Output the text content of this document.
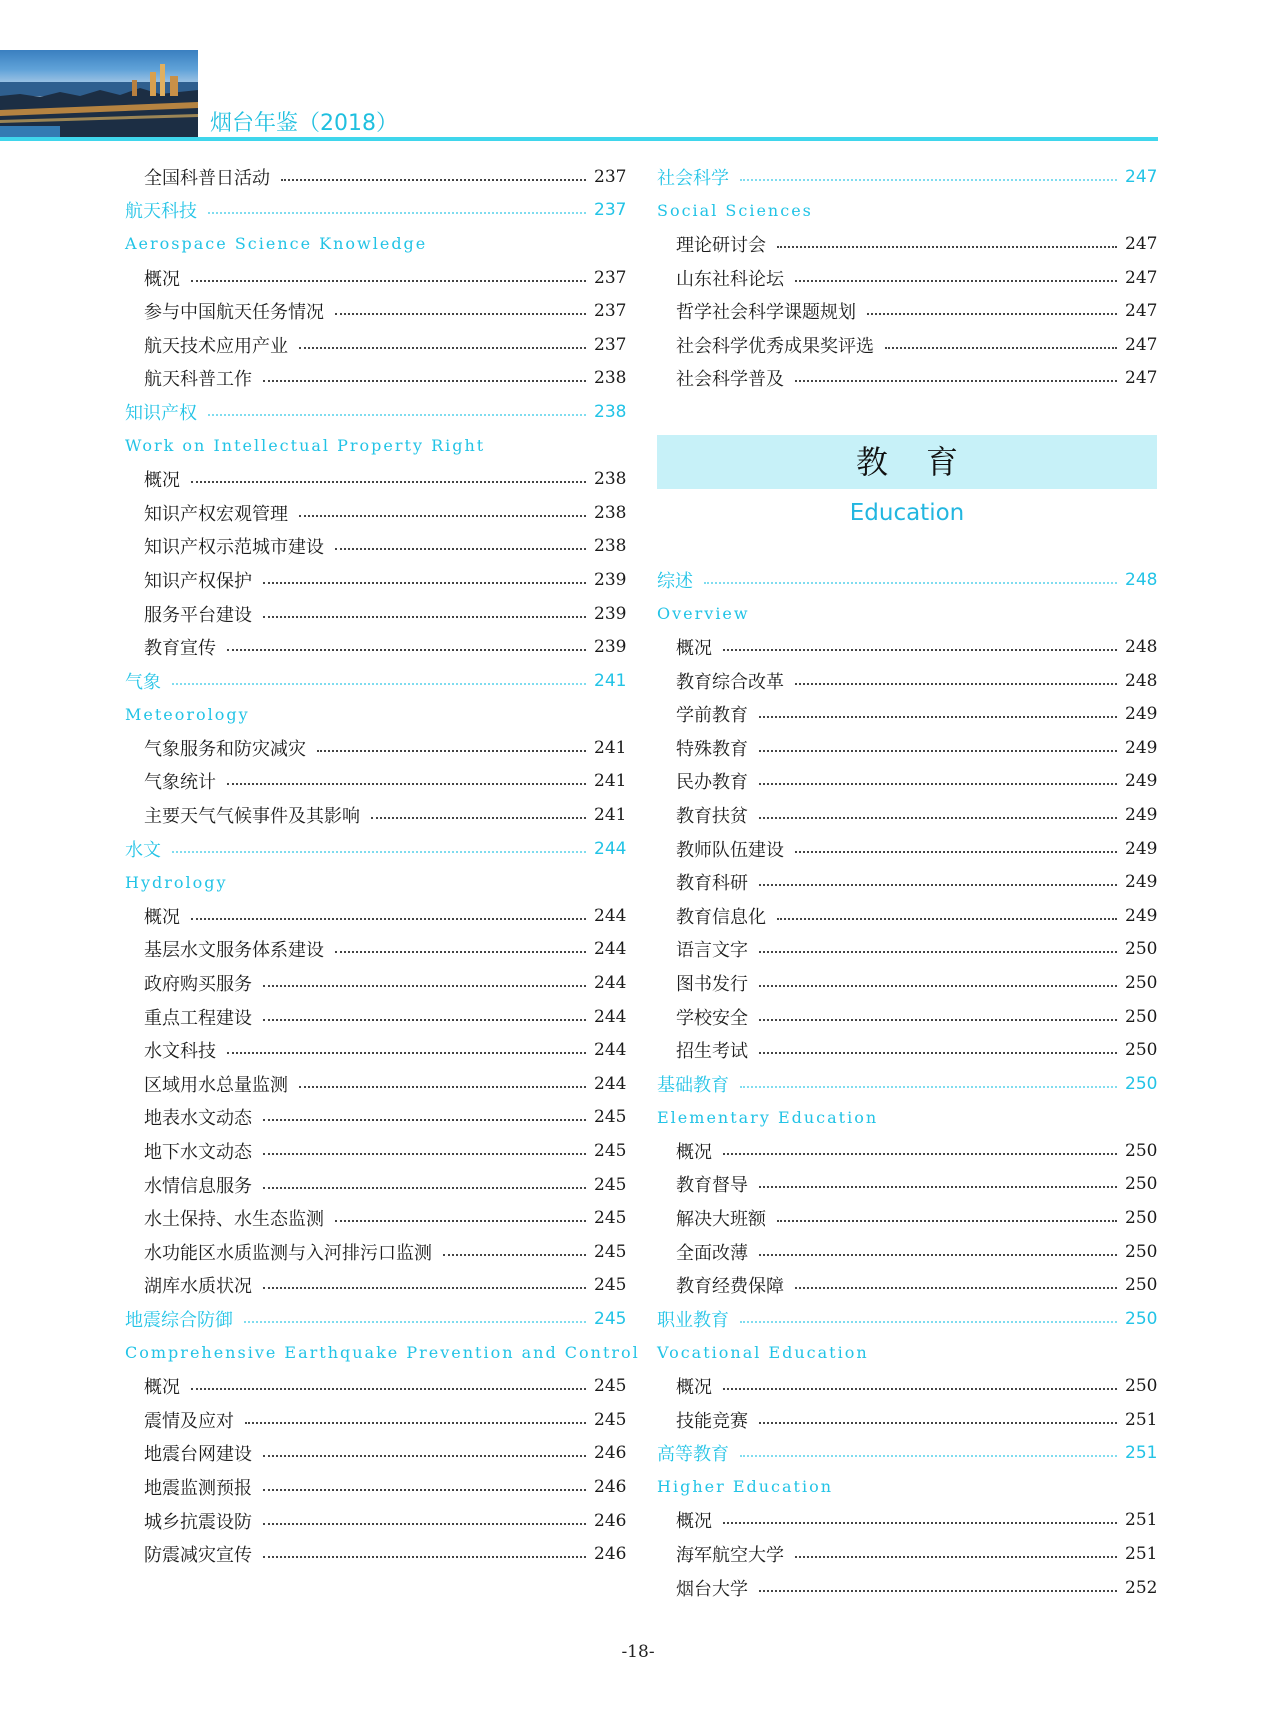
烟台年鉴（2018）
全国科普日活动	237
航天科技	237
Aerospace Science Knowledge
概况	237
参与中国航天任务情况	237
航天技术应用产业	237
航天科普工作	238
知识产权	238
Work on Intellectual Property Right
概况	238
知识产权宏观管理	238
知识产权示范城市建设	238
知识产权保护	239
服务平台建设	239
教育宣传	239
气象	241
Meteorology
气象服务和防灾减灾	241
气象统计	241
主要天气气候事件及其影响	241
水文	244
Hydrology
概况	244
基层水文服务体系建设	244
政府购买服务	244
重点工程建设	244
水文科技	244
区域用水总量监测	244
地表水文动态	245
地下水文动态	245
水情信息服务	245
水土保持、水生态监测	245
水功能区水质监测与入河排污口监测	245
湖库水质状况	245
地震综合防御	245
Comprehensive Earthquake Prevention and Control
概况	245
震情及应对	245
地震台网建设	246
地震监测预报	246
城乡抗震设防	246
防震减灾宣传	246
社会科学	247
Social Sciences
理论研讨会	247
山东社科论坛	247
哲学社会科学课题规划	247
社会科学优秀成果奖评选	247
社会科学普及	247
教育
Education
综述	248
Overview
概况	248
教育综合改革	248
学前教育	249
特殊教育	249
民办教育	249
教育扶贫	249
教师队伍建设	249
教育科研	249
教育信息化	249
语言文字	250
图书发行	250
学校安全	250
招生考试	250
基础教育	250
Elementary Education
概况	250
教育督导	250
解决大班额	250
全面改薄	250
教育经费保障	250
职业教育	250
Vocational Education
概况	250
技能竞赛	251
高等教育	251
Higher Education
概况	251
海军航空大学	251
烟台大学	252
-18-
